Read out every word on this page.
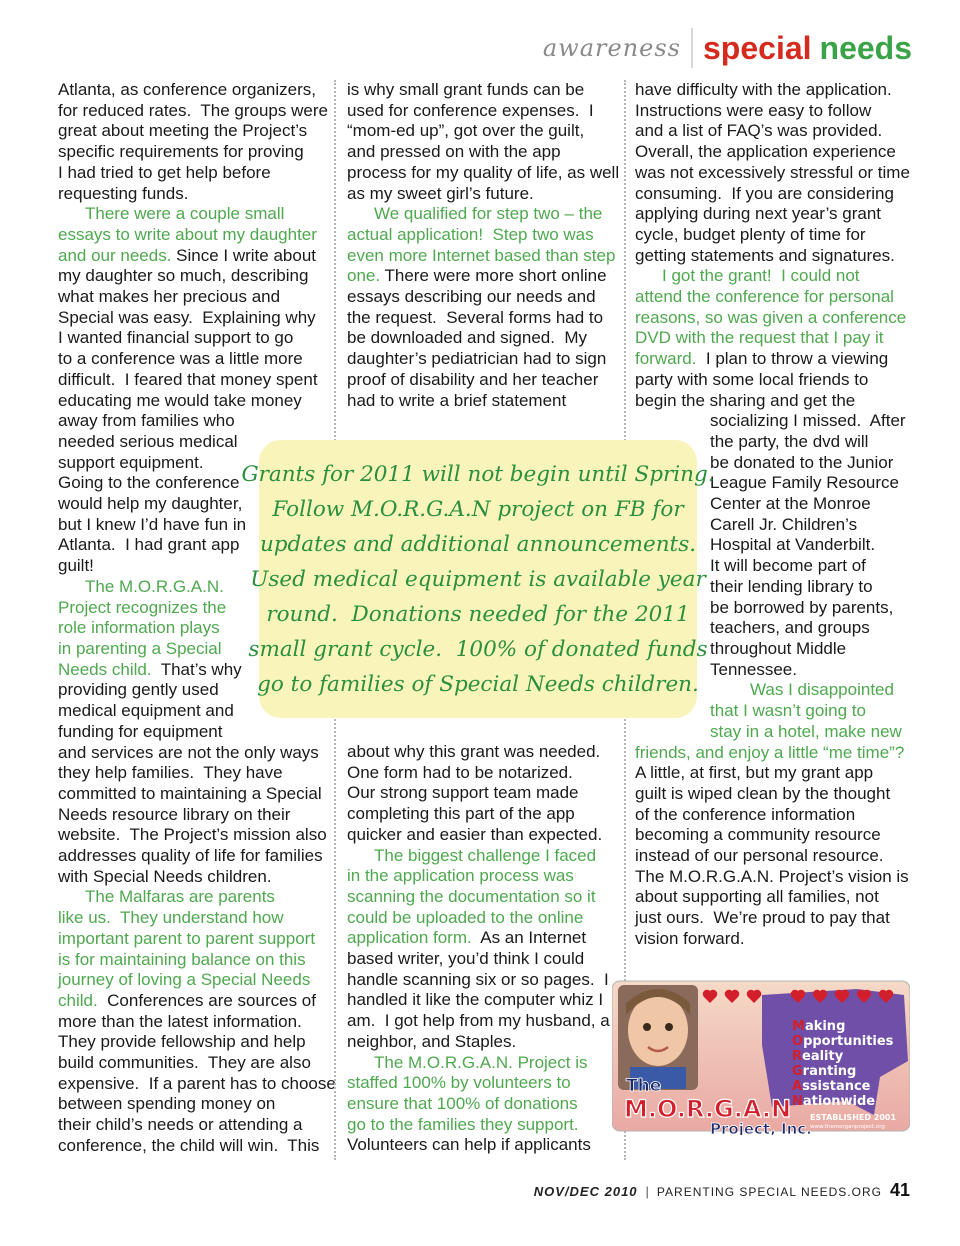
awareness special needs

Atlanta, as conference organizers,

for reduced rates.  The groups were

great about meeting the Project’s

specific requirements for proving

I had tried to get help before

requesting funds.

There were a couple small

essays to write about my daughter

and our needs. Since I write about

my daughter so much, describing

what makes her precious and

Special was easy.  Explaining why

I wanted financial support to go

to a conference was a little more

difficult.  I feared that money spent

educating me would take money

away from families who

needed serious medical

support equipment.

Going to the conference

would help my daughter,

but I knew I’d have fun in

Atlanta.  I had grant app

guilt!

The M.O.R.G.A.N.

Project recognizes the

role information plays

in parenting a Special

Needs child.  That’s why

providing gently used

medical equipment and

funding for equipment

and services are not the only ways

they help families.  They have

committed to maintaining a Special

Needs resource library on their

website.  The Project’s mission also

addresses quality of life for families

with Special Needs children.

The Malfaras are parents

like us.  They understand how

important parent to parent support

is for maintaining balance on this

journey of loving a Special Needs

child.  Conferences are sources of

more than the latest information.

They provide fellowship and help

build communities.  They are also

expensive.  If a parent has to choose

between spending money on

their child’s needs or attending a

conference, the child will win.  This

is why small grant funds can be

used for conference expenses.  I

“mom-ed up”, got over the guilt,

and pressed on with the app

process for my quality of life, as well

as my sweet girl’s future.

We qualified for step two – the

actual application!  Step two was

even more Internet based than step

one. There were more short online

essays describing our needs and

the request.  Several forms had to

be downloaded and signed.  My

daughter’s pediatrician had to sign

proof of disability and her teacher

had to write a brief statement

about why this grant was needed.

One form had to be notarized.

Our strong support team made

completing this part of the app

quicker and easier than expected.

The biggest challenge I faced

in the application process was

scanning the documentation so it

could be uploaded to the online

application form.  As an Internet

based writer, you’d think I could

handle scanning six or so pages.  I

handled it like the computer whiz I

am.  I got help from my husband, a

neighbor, and Staples.

The M.O.R.G.A.N. Project is

staffed 100% by volunteers to

ensure that 100% of donations

go to the families they support.

Volunteers can help if applicants

have difficulty with the application.

Instructions were easy to follow

and a list of FAQ’s was provided.

Overall, the application experience

was not excessively stressful or time

consuming.  If you are considering

applying during next year’s grant

cycle, budget plenty of time for

getting statements and signatures.

I got the grant!  I could not

attend the conference for personal

reasons, so was given a conference

DVD with the request that I pay it

forward.  I plan to throw a viewing

party with some local friends to

begin the sharing and get the

socializing I missed.  After

the party, the dvd will

be donated to the Junior

League Family Resource

Center at the Monroe

Carell Jr. Children’s

Hospital at Vanderbilt.

It will become part of

their lending library to

be borrowed by parents,

teachers, and groups

throughout Middle

Tennessee.

Was I disappointed

that I wasn’t going to

stay in a hotel, make new

friends, and enjoy a little “me time”?

A little, at first, but my grant app

guilt is wiped clean by the thought

of the conference information

becoming a community resource

instead of our personal resource.

The M.O.R.G.A.N. Project’s vision is

about supporting all families, not

just ours.  We’re proud to pay that

vision forward.

Grants for 2011 will not begin until Spring.

Follow M.O.R.G.A.N project on FB for

updates and additional announcements.

Used medical equipment is available year

round.  Donations needed for the 2011

small grant cycle.  100% of donated funds

go to families of Special Needs children.

The
M.O.R.G.A.N
Project, Inc.
Making
Opportunities
Reality
Granting
Assistance
Nationwide
ESTABLISHED 2001
www.themorganproject.org
NOV/DEC 2010 | PARENTING SPECIAL NEEDS.ORG 41
